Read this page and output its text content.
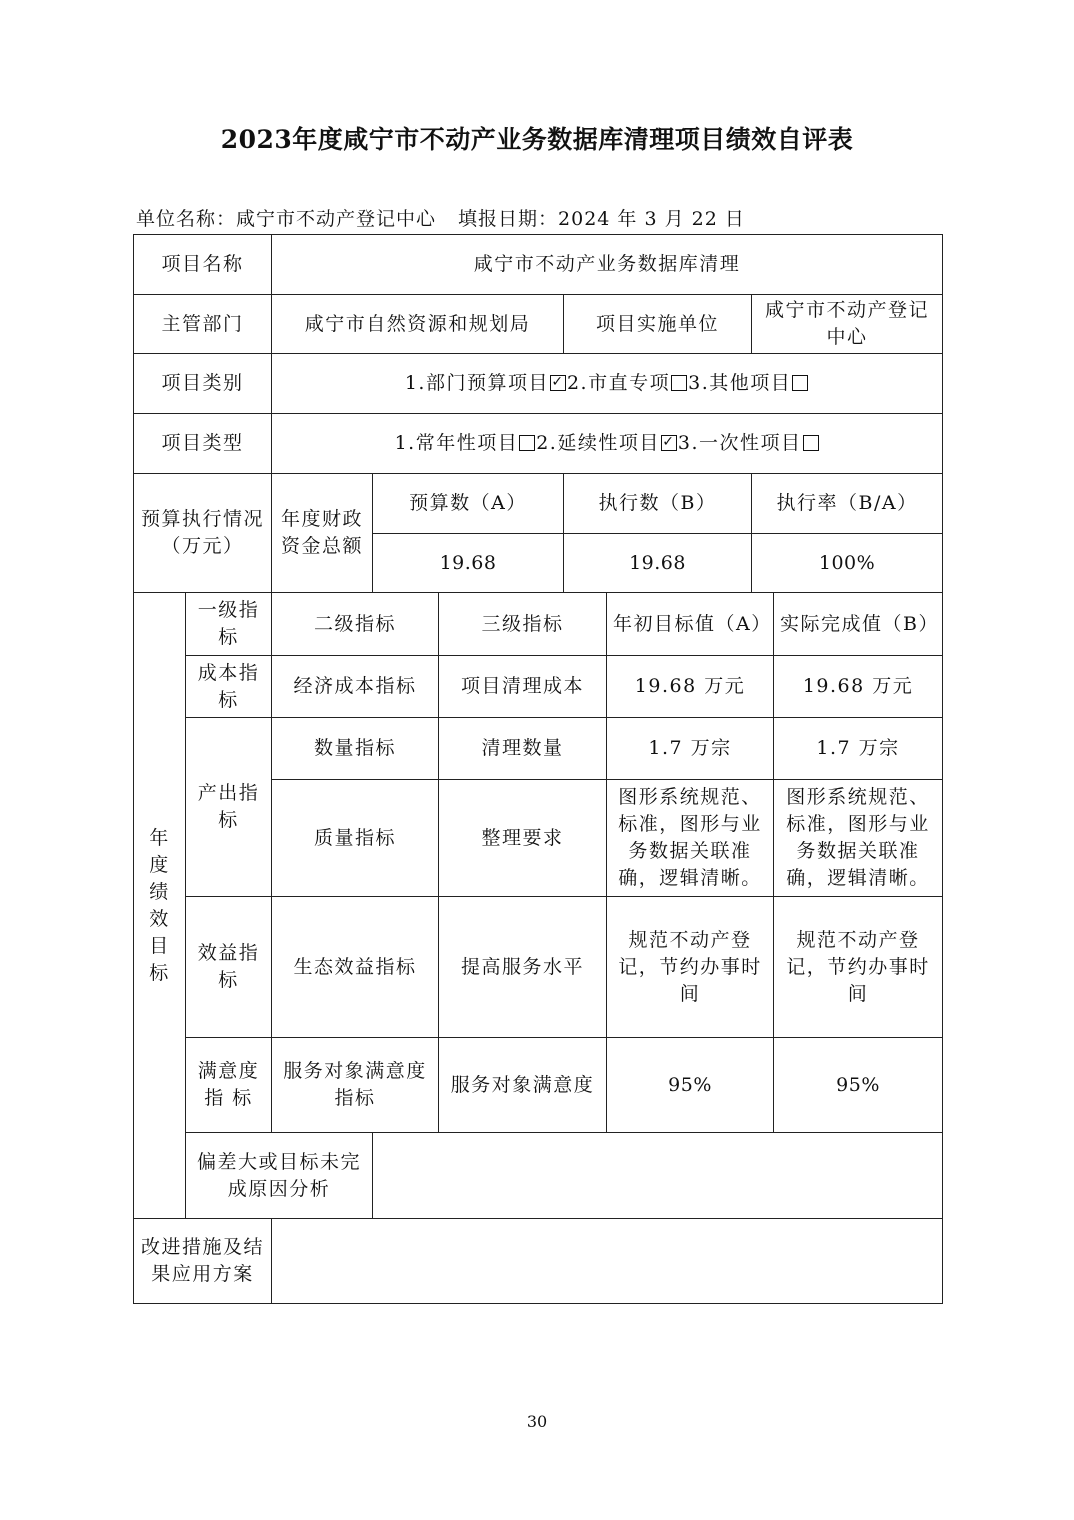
2023年度咸宁市不动产业务数据库清理项目绩效自评表
单位名称：咸宁市不动产登记中心 填报日期：2024 年 3 月 22 日
项目名称		咸宁市不动产业务数据库清理						
主管部门		咸宁市自然资源和规划局			项目实施单位		咸宁市不动产登记中心	
项目类别		1.部门预算项目 ✓ 2.市直专项 3.其他项目
项目类型		1.常年性项目 2.延续性项目 ✓ 3.一次性项目
预算执行情况（万元）		年度财政资金总额	预算数（A）		执行数（B）		执行率（B/A）	
			19.68		19.68		100%	
年度绩效目标	一级指标	二级指标		三级指标		年初目标值（A）		实际完成值（B）
	成本指标	经济成本指标		项目清理成本		19.68 万元		19.68 万元
	产出指标	数量指标		清理数量		1.7 万宗		1.7 万宗
		质量指标		整理要求		图形系统规范、标准，图形与业务数据关联准确，逻辑清晰。		图形系统规范、标准，图形与业务数据关联准确，逻辑清晰。
	效益指标	生态效益指标		提高服务水平		规范不动产登记，节约办事时间		规范不动产登记，节约办事时间
	满意度指 标	服务对象满意度指标		服务对象满意度		95%		95%
	偏差大或目标未完成原因分析							
改进措施及结果应用方案								
30
